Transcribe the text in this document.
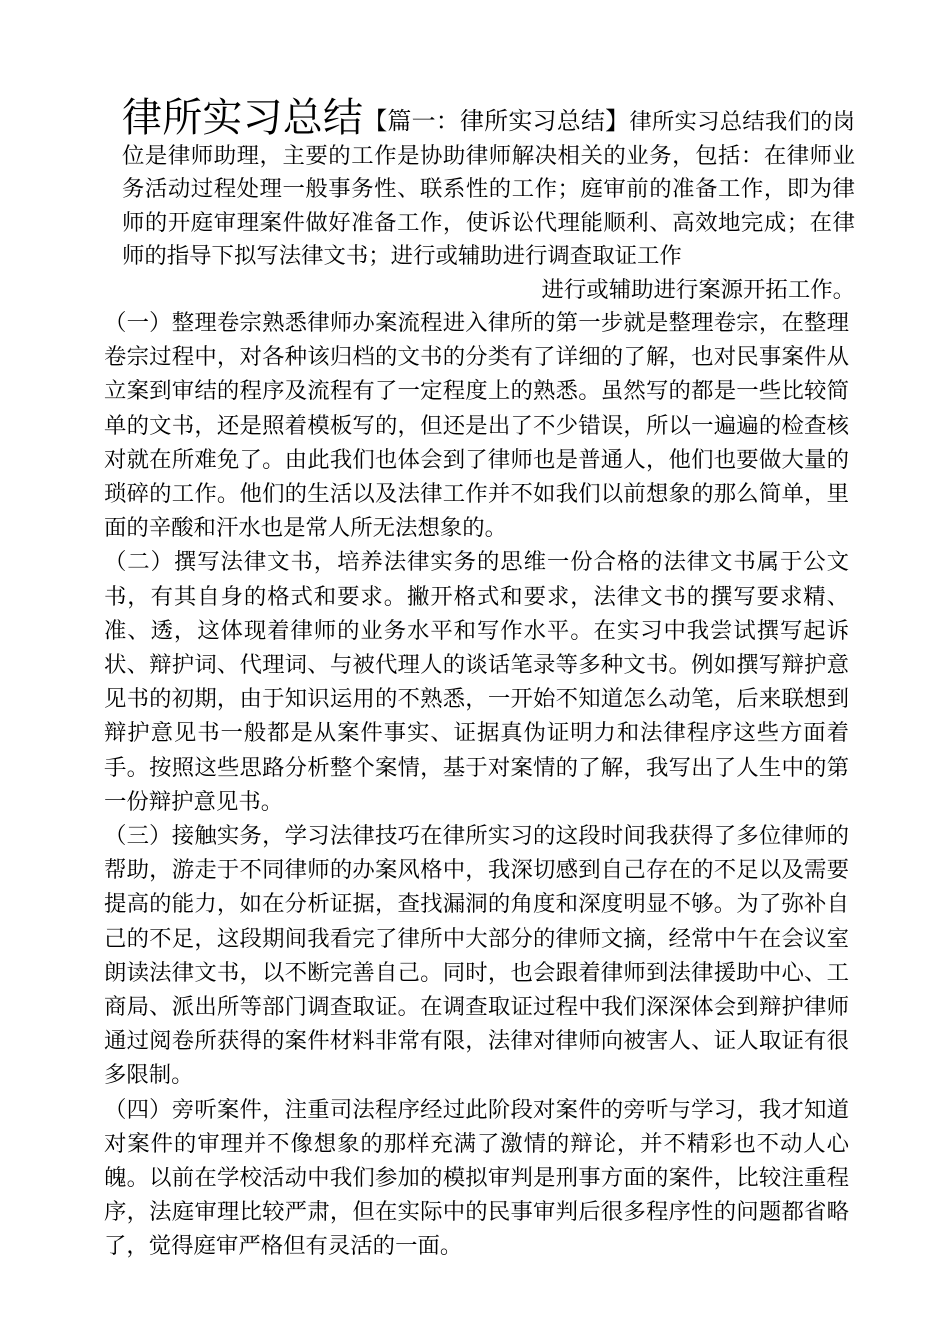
律所实习总结【篇一：律所实习总结】律所实习总结我们的岗位是律师助理，主要的工作是协助律师解决相关的业务，包括：在律师业务活动过程处理一般事务性、联系性的工作；庭审前的准备工作，即为律师的开庭审理案件做好准备工作，使诉讼代理能顺利、高效地完成；在律师的指导下拟写法律文书；进行或辅助进行调查取证工作
进行或辅助进行案源开拓工作。

（一）整理卷宗熟悉律师办案流程进入律所的第一步就是整理卷宗，在整理卷宗过程中，对各种该归档的文书的分类有了详细的了解，也对民事案件从立案到审结的程序及流程有了一定程度上的熟悉。虽然写的都是一些比较简单的文书，还是照着模板写的，但还是出了不少错误，所以一遍遍的检查核对就在所难免了。由此我们也体会到了律师也是普通人，他们也要做大量的琐碎的工作。他们的生活以及法律工作并不如我们以前想象的那么简单，里面的辛酸和汗水也是常人所无法想象的。

（二）撰写法律文书，培养法律实务的思维一份合格的法律文书属于公文书，有其自身的格式和要求。撇开格式和要求，法律文书的撰写要求精、准、透，这体现着律师的业务水平和写作水平。在实习中我尝试撰写起诉状、辩护词、代理词、与被代理人的谈话笔录等多种文书。例如撰写辩护意见书的初期，由于知识运用的不熟悉，一开始不知道怎么动笔，后来联想到辩护意见书一般都是从案件事实、证据真伪证明力和法律程序这些方面着手。按照这些思路分析整个案情，基于对案情的了解，我写出了人生中的第一份辩护意见书。

（三）接触实务，学习法律技巧在律所实习的这段时间我获得了多位律师的帮助，游走于不同律师的办案风格中，我深切感到自己存在的不足以及需要提高的能力，如在分析证据，查找漏洞的角度和深度明显不够。为了弥补自己的不足，这段期间我看完了律所中大部分的律师文摘，经常中午在会议室朗读法律文书，以不断完善自己。同时，也会跟着律师到法律援助中心、工商局、派出所等部门调查取证。在调查取证过程中我们深深体会到辩护律师通过阅卷所获得的案件材料非常有限，法律对律师向被害人、证人取证有很多限制。

（四）旁听案件，注重司法程序经过此阶段对案件的旁听与学习，我才知道对案件的审理并不像想象的那样充满了激情的辩论，并不精彩也不动人心魄。以前在学校活动中我们参加的模拟审判是刑事方面的案件，比较注重程序，法庭审理比较严肃，但在实际中的民事审判后很多程序性的问题都省略了，觉得庭审严格但有灵活的一面。
